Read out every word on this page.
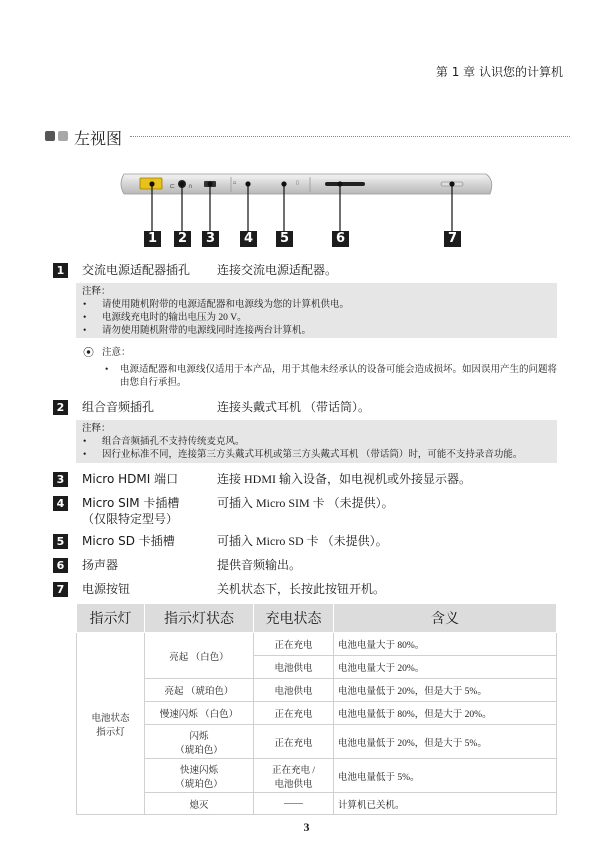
第 1 章 认识您的计算机
左视图
⊏ ∩	▫	▯
1	2	3	4	5	6	7
1	交流电源适配器插孔 连接交流电源适配器。
注释：
• 请使用随机附带的电源适配器和电源线为您的计算机供电。
• 电源线充电时的输出电压为 20 V。
• 请勿使用随机附带的电源线同时连接两台计算机。
⦿ 注意：
• 电源适配器和电源线仅适用于本产品，用于其他未经承认的设备可能会造成损坏。如因误用产生的问题将由您自行承担。
2	组合音频插孔	连接头戴式耳机 （带话筒）。
注释：
• 组合音频插孔不支持传统麦克风。
• 因行业标准不同，连接第三方头戴式耳机或第三方头戴式耳机 （带话筒）时，可能不支持录音功能。
3	Micro HDMI 端口	连接 HDMI 输入设备，如电视机或外接显示器。
4	Micro SIM 卡插槽
（仅限特定型号）
可插入 Micro SIM 卡 （未提供）。
5	Micro SD 卡插槽	可插入 Micro SD 卡 （未提供）。
6	扬声器	提供音频输出。
7	电源按钮	关机状态下，长按此按钮开机。
指示灯	指示灯状态	充电状态	含义
电池状态
指示灯	亮起 （白色）	正在充电	电池电量大于 80%。
		电池供电	电池电量大于 20%。
	亮起 （琥珀色）	电池供电	电池电量低于 20%，但是大于 5%。
	慢速闪烁 （白色）	正在充电	电池电量低于 80%，但是大于 20%。
	闪烁
（琥珀色）	正在充电	电池电量低于 20%，但是大于 5%。
	快速闪烁
（琥珀色）	正在充电 /
电池供电	电池电量低于 5%。
	熄灭	——	计算机已关机。
3
